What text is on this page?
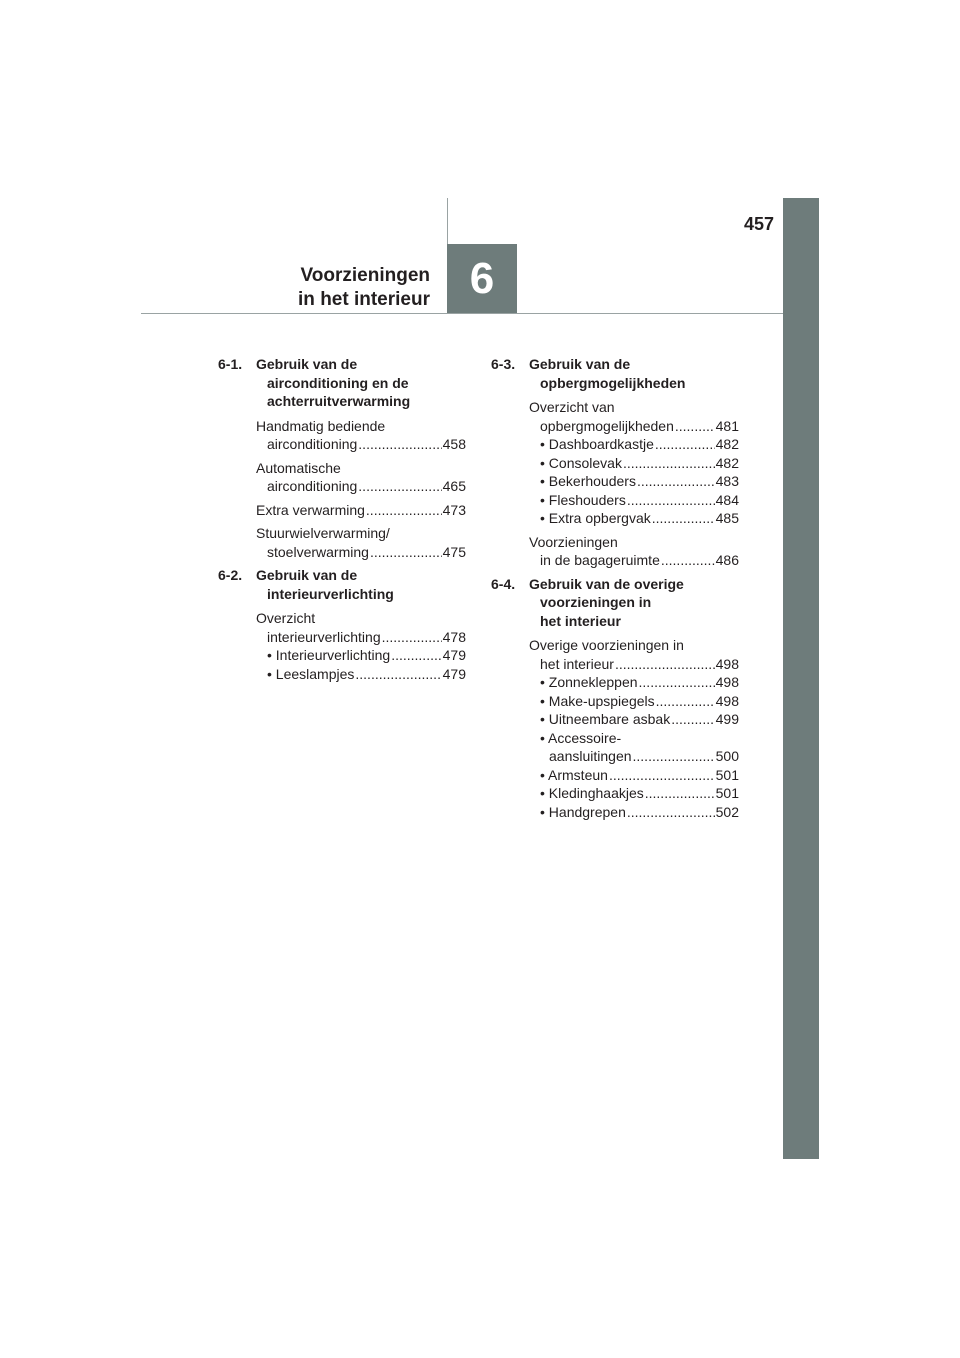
457
6
Voorzieningen
in het interieur
6-1. Gebruik van de
airconditioning en de
achterruitverwarming
Handmatig bediende
airconditioning .....	458
Automatische
airconditioning .....	465
Extra verwarming .....	473
Stuurwielverwarming/
stoelverwarming .....	475
6-2. Gebruik van de
interieurverlichting
Overzicht
interieurverlichting .....	478
• Interieurverlichting .....	479
• Leeslampjes .....	479
6-3. Gebruik van de
opbergmogelijkheden
Overzicht van
opbergmogelijkheden .....	481
• Dashboardkastje .....	482
• Consolevak .....	482
• Bekerhouders .....	483
• Fleshouders .....	484
• Extra opbergvak .....	485
Voorzieningen
in de bagageruimte .....	486
6-4. Gebruik van de overige
voorzieningen in
het interieur
Overige voorzieningen in
het interieur .....	498
• Zonnekleppen .....	498
• Make-upspiegels .....	498
• Uitneembare asbak .....	499
• Accessoire-
aansluitingen .....	500
• Armsteun .....	501
• Kledinghaakjes .....	501
• Handgrepen .....	502
